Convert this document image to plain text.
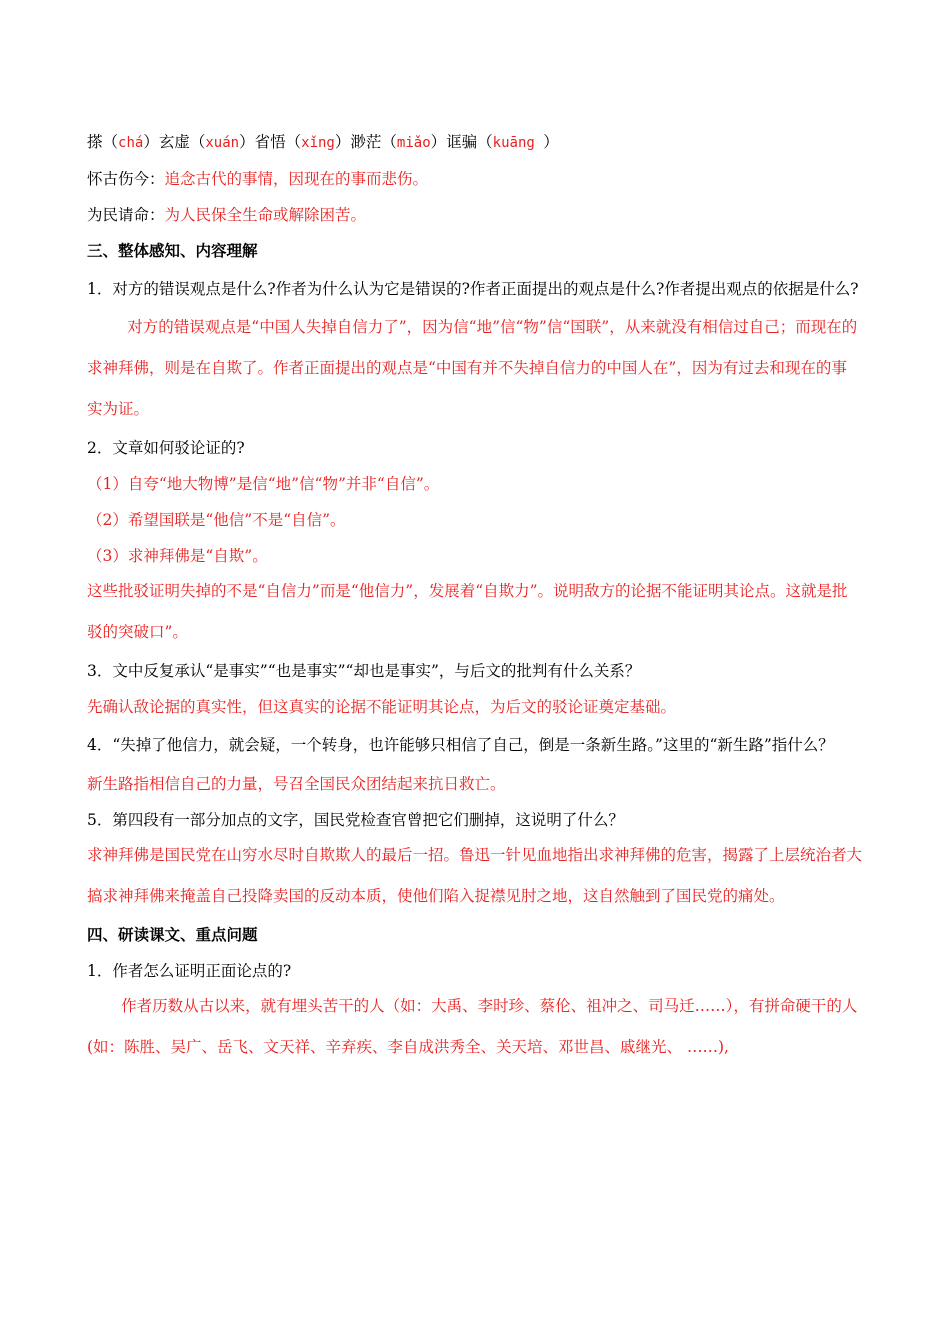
搽（chá）玄虚（xuán）省悟（xǐng）渺茫（miǎo）诓骗（kuāng ）
怀古伤今：追念古代的事情，因现在的事而悲伤。
为民请命：为人民保全生命或解除困苦。
三、整体感知、内容理解
1．对方的错误观点是什么?作者为什么认为它是错误的?作者正面提出的观点是什么?作者提出观点的依据是什么?
对方的错误观点是“中国人失掉自信力了”，因为信“地”信“物”信“国联”，从来就没有相信过自己；而现在的求神拜佛，则是在自欺了。作者正面提出的观点是“中国有并不失掉自信力的中国人在”，因为有过去和现在的事实为证。
2．文章如何驳论证的?
（1）自夸“地大物博”是信“地”信“物”并非“自信”。
（2）希望国联是“他信”不是“自信”。
（3）求神拜佛是“自欺”。
这些批驳证明失掉的不是“自信力”而是“他信力”，发展着“自欺力”。说明敌方的论据不能证明其论点。这就是批驳的突破口”。
3．文中反复承认“是事实”“也是事实”“却也是事实”，与后文的批判有什么关系？
先确认敌论据的真实性，但这真实的论据不能证明其论点，为后文的驳论证奠定基础。
4．“失掉了他信力，就会疑，一个转身，也许能够只相信了自己，倒是一条新生路。”这里的“新生路”指什么？
新生路指相信自己的力量，号召全国民众团结起来抗日救亡。
5．第四段有一部分加点的文字，国民党检查官曾把它们删掉，这说明了什么？
求神拜佛是国民党在山穷水尽时自欺欺人的最后一招。鲁迅一针见血地指出求神拜佛的危害，揭露了上层统治者大搞求神拜佛来掩盖自己投降卖国的反动本质，使他们陷入捉襟见肘之地，这自然触到了国民党的痛处。
四、研读课文、重点问题
1．作者怎么证明正面论点的?
作者历数从古以来，就有埋头苦干的人（如：大禹、李时珍、蔡伦、祖冲之、司马迁……），有拼命硬干的人(如：陈胜、吴广、岳飞、文天祥、辛弃疾、李自成洪秀全、关天培、邓世昌、戚继光、 ……),
